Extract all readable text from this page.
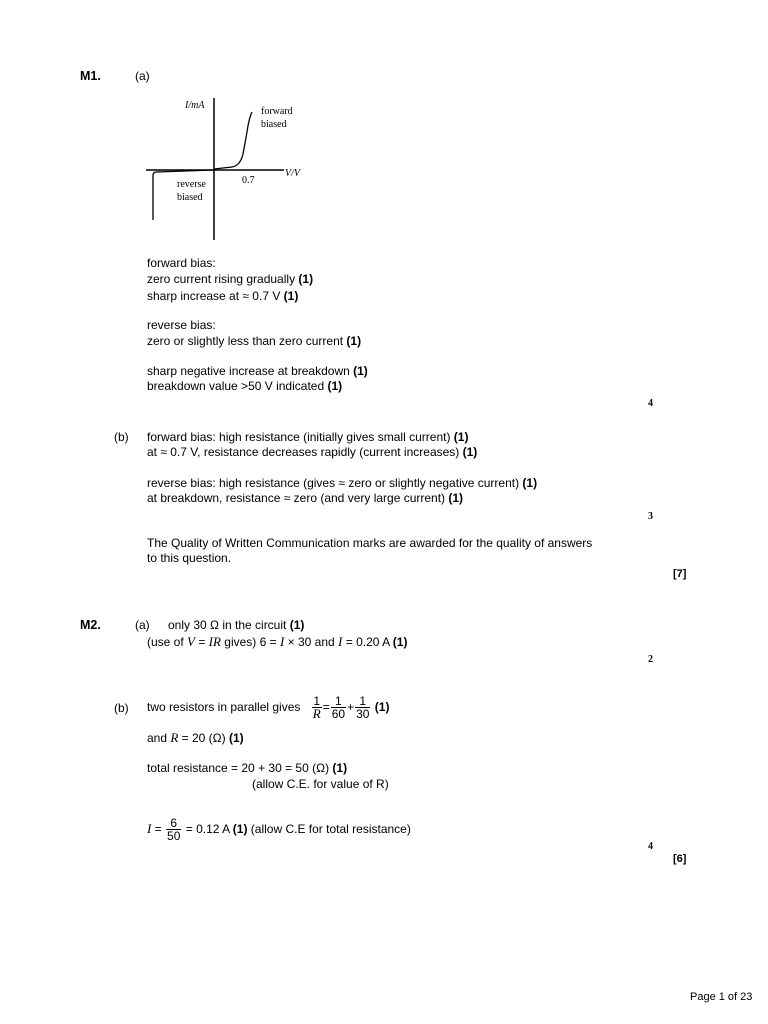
M1.	(a)
I/mA
V/V
forward
biased
0.7
reverse
biased
forward bias:
zero current rising gradually (1)
sharp increase at ≈ 0.7 V (1)
reverse bias:
zero or slightly less than zero current (1)
sharp negative increase at breakdown (1)
breakdown value >50 V indicated (1)
4
(b) forward bias: high resistance (initially gives small current) (1)
at ≈ 0.7 V, resistance decreases rapidly (current increases) (1)
reverse bias: high resistance (gives ≈ zero or slightly negative current) (1)
at breakdown, resistance ≈ zero (and very large current) (1)
3
The Quality of Written Communication marks are awarded for the quality of answers
to this question.
[7]
M2.	(a) only 30 Ω in the circuit (1)
(use of V = IR gives) 6 = I × 30 and I = 0.20 A (1)
2
(b) two resistors in parallel gives $\frac{1}{R} = \frac{1}{60} + \frac{1}{30} (1)$
and R = 20 (Ω) (1)
total resistance = 20 + 30 = 50 (Ω) (1)
(allow C.E. for value of R)
$I = \frac{6}{50} = 0.12$ A (1) (allow C.E for total resistance)
4
[6]
Page 1 of 23
